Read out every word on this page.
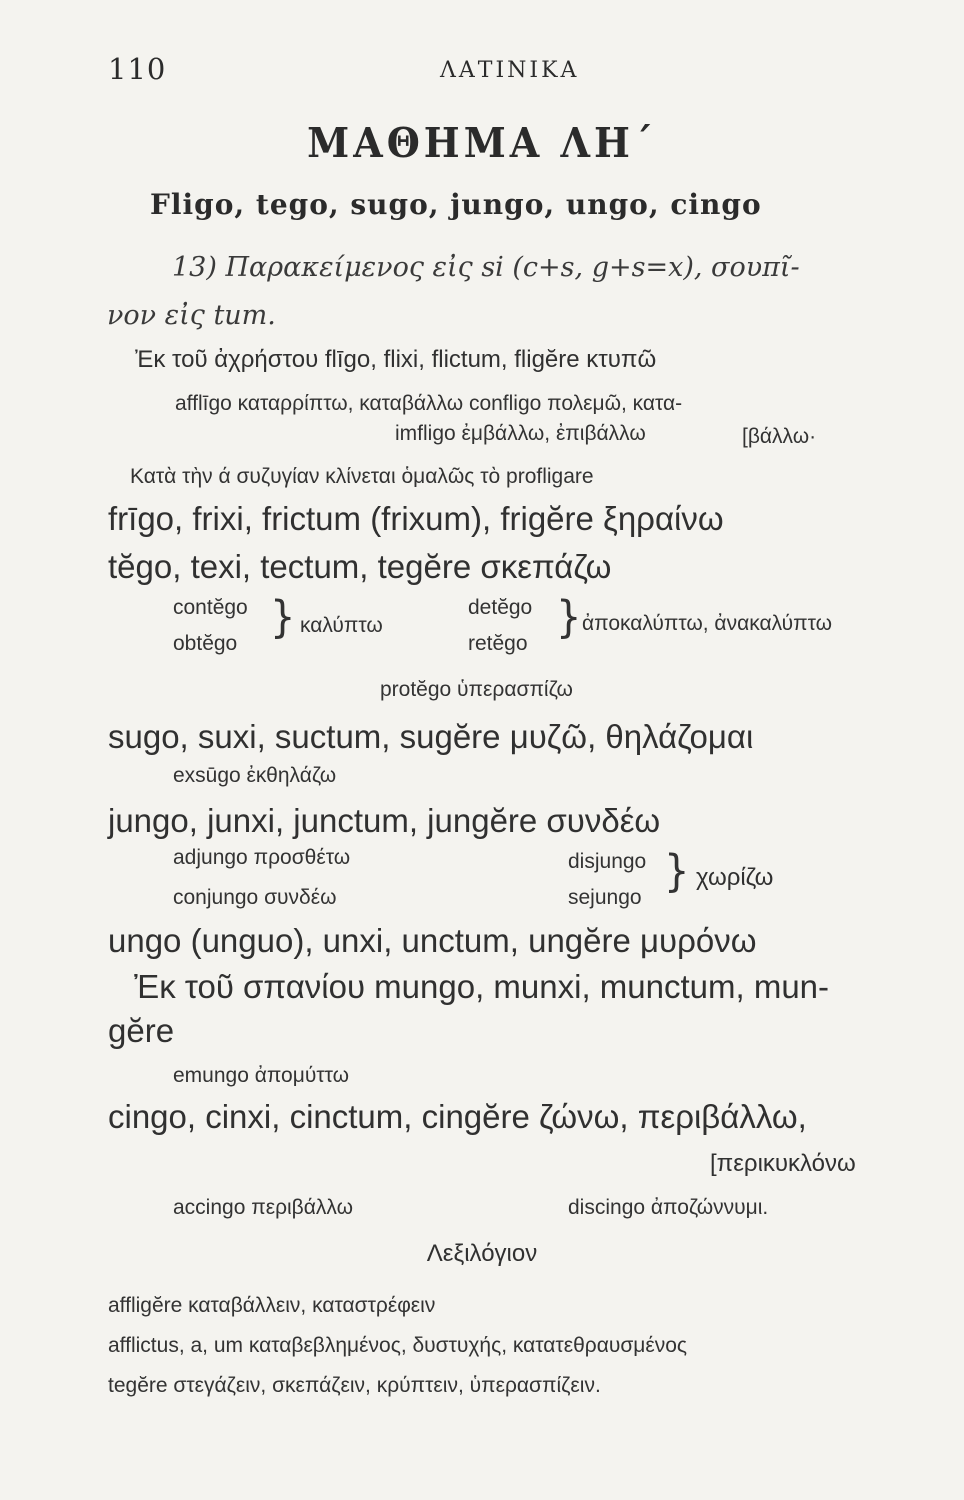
110	ΛΑΤΙΝΙΚΑ
ΜΑΘΗΜΑ ΛΗ΄
Fligo, tego, sugo, jungo, ungo, cingo
13) Παρακείμενος εἰς si (c+s, g+s=x), σουπῖ-
νον εἰς tum.
Ἐκ τοῦ ἀχρήστου flīgo, flixi, flictum, fligĕre κτυπῶ
afflīgo καταρρίπτω, καταβάλλω confligo πολεμῶ, κατα-
imfligo ἐμβάλλω, ἐπιβάλλω	[βάλλω·
Κατὰ τὴν ά συζυγίαν κλίνεται ὁμαλῶς τὸ profligare
frīgo, frixi, frictum (frixum), frigĕre ξηραίνω
tĕgo, texi, tectum, tegĕre σκεπάζω
contĕgo
obtĕgo
} καλύπτω
detĕgo
retĕgo
} ἀποκαλύπτω, ἀνακαλύπτω
protĕgo ὑπερασπίζω
sugo, suxi, suctum, sugĕre μυζῶ, θηλάζομαι
exsūgo ἐκθηλάζω
jungo, junxi, junctum, jungĕre συνδέω
adjungo προσθέτω
conjungo συνδέω
disjungo
sejungo
} χωρίζω
ungo (unguo), unxi, unctum, ungĕre μυρόνω
Ἐκ τοῦ σπανίου mungo, munxi, munctum, mun-
gĕre
emungo ἀπομύττω
cingo, cinxi, cinctum, cingĕre ζώνω, περιβάλλω,
[περικυκλόνω
accingo περιβάλλω	discingo ἀποζώννυμι.
Λεξιλόγιον
affligĕre καταβάλλειν, καταστρέφειν
afflictus, a, um καταβεβλημένος, δυστυχής, κατατεθραυσμένος
tegĕre στεγάζειν, σκεπάζειν, κρύπτειν, ὑπερασπίζειν.
